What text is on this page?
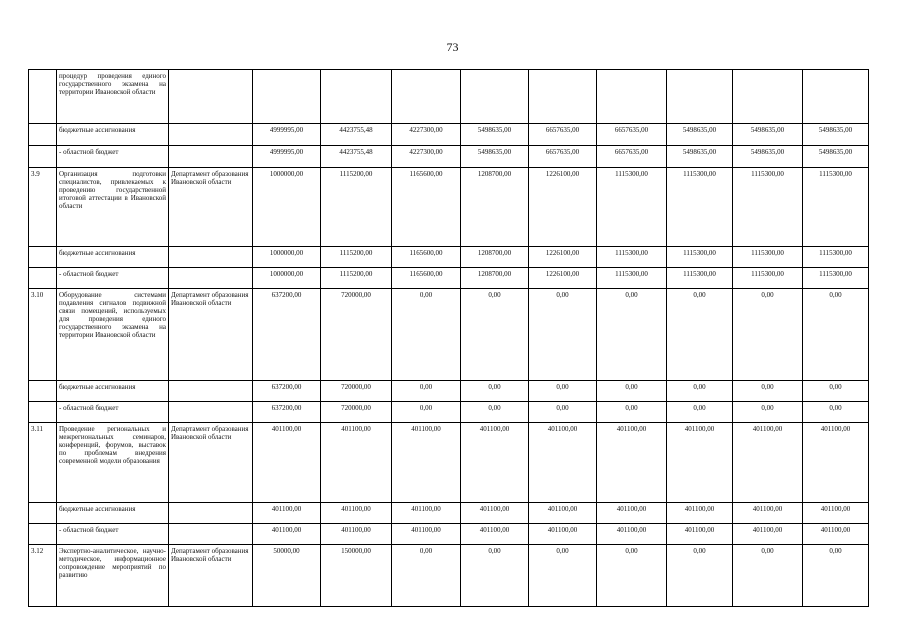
73
	процедур проведения единого государственного экзамена на территории Ивановской области										
	бюджетные ассигнования		4999995,00	4423755,48	4227300,00	5498635,00	6657635,00	6657635,00	5498635,00	5498635,00	5498635,00
	- областной бюджет		4999995,00	4423755,48	4227300,00	5498635,00	6657635,00	6657635,00	5498635,00	5498635,00	5498635,00
3.9	Организация подготовки специалистов, привлекаемых к проведению государственной итоговой аттестации в Ивановской области	Департамент образования Ивановской области	1000000,00	1115200,00	1165600,00	1208700,00	1226100,00	1115300,00	1115300,00	1115300,00	1115300,00
	бюджетные ассигнования		1000000,00	1115200,00	1165600,00	1208700,00	1226100,00	1115300,00	1115300,00	1115300,00	1115300,00
	- областной бюджет		1000000,00	1115200,00	1165600,00	1208700,00	1226100,00	1115300,00	1115300,00	1115300,00	1115300,00
3.10	Оборудование системами подавления сигналов подвижной связи помещений, используемых для проведения единого государственного экзамена на территории Ивановской области	Департамент образования Ивановской области	637200,00	720000,00	0,00	0,00	0,00	0,00	0,00	0,00	0,00
	бюджетные ассигнования		637200,00	720000,00	0,00	0,00	0,00	0,00	0,00	0,00	0,00
	- областной бюджет		637200,00	720000,00	0,00	0,00	0,00	0,00	0,00	0,00	0,00
3.11	Проведение региональных и межрегиональных семинаров, конференций, форумов, выставок по проблемам внедрения современной модели образования	Департамент образования Ивановской области	401100,00	401100,00	401100,00	401100,00	401100,00	401100,00	401100,00	401100,00	401100,00
	бюджетные ассигнования		401100,00	401100,00	401100,00	401100,00	401100,00	401100,00	401100,00	401100,00	401100,00
	- областной бюджет		401100,00	401100,00	401100,00	401100,00	401100,00	401100,00	401100,00	401100,00	401100,00
3.12	Экспертно-аналитическое, научно-методическое, информационное сопровождение мероприятий по развитию	Департамент образования Ивановской области	50000,00	150000,00	0,00	0,00	0,00	0,00	0,00	0,00	0,00
